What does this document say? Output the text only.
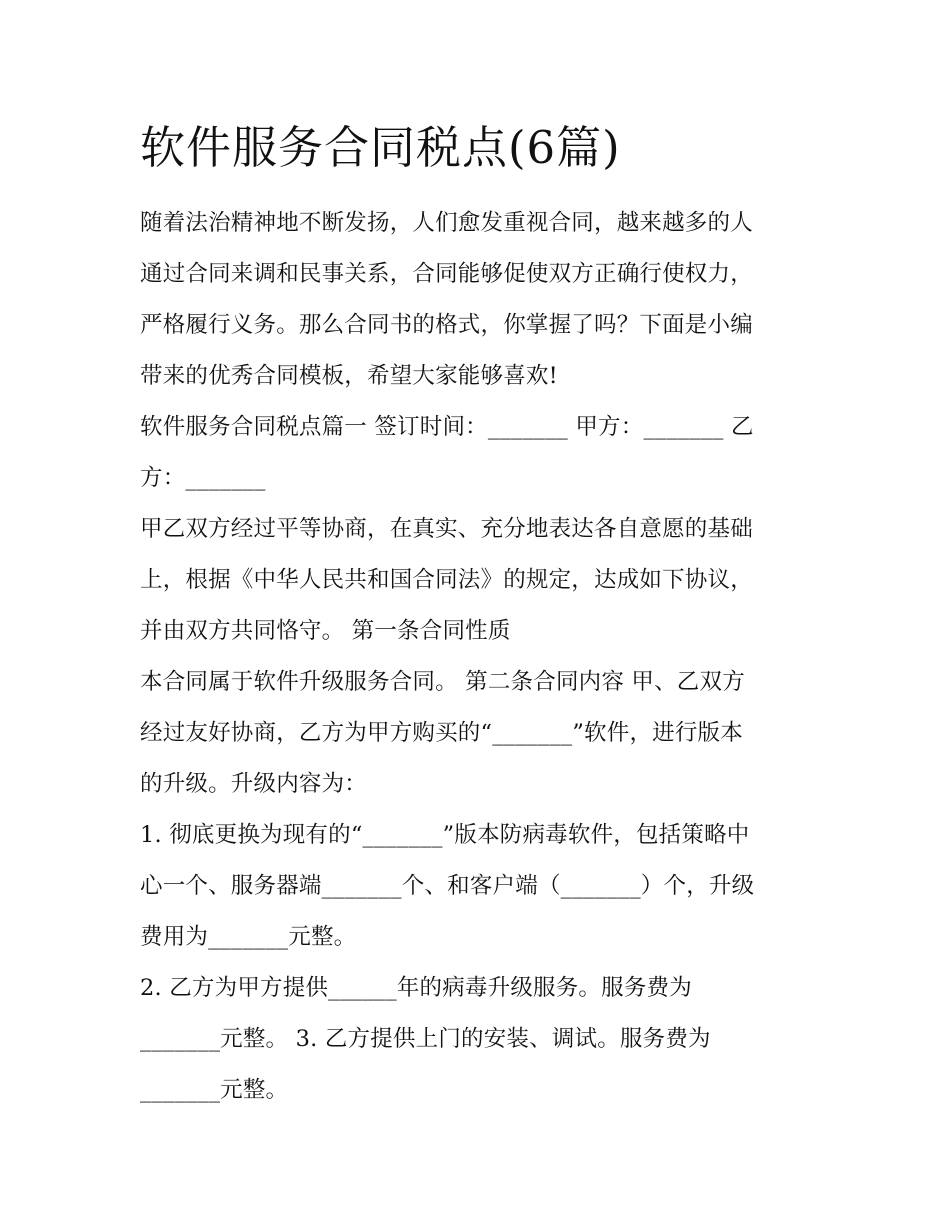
软件服务合同税点(6篇)
随着法治精神地不断发扬，人们愈发重视合同，越来越多的人
通过合同来调和民事关系，合同能够促使双方正确行使权力，
严格履行义务。那么合同书的格式，你掌握了吗？下面是小编
带来的优秀合同模板，希望大家能够喜欢!
软件服务合同税点篇一 签订时间：_______ 甲方：_______ 乙
方：_______
甲乙双方经过平等协商，在真实、充分地表达各自意愿的基础
上，根据《中华人民共和国合同法》的规定，达成如下协议，
并由双方共同恪守。 第一条合同性质
本合同属于软件升级服务合同。 第二条合同内容 甲、乙双方
经过友好协商，乙方为甲方购买的“_______”软件，进行版本
的升级。升级内容为：
1. 彻底更换为现有的“_______”版本防病毒软件，包括策略中
心一个、服务器端_______个、和客户端（_______）个，升级
费用为_______元整。
2. 乙方为甲方提供______年的病毒升级服务。服务费为
_______元整。 3. 乙方提供上门的安装、调试。服务费为
_______元整。
